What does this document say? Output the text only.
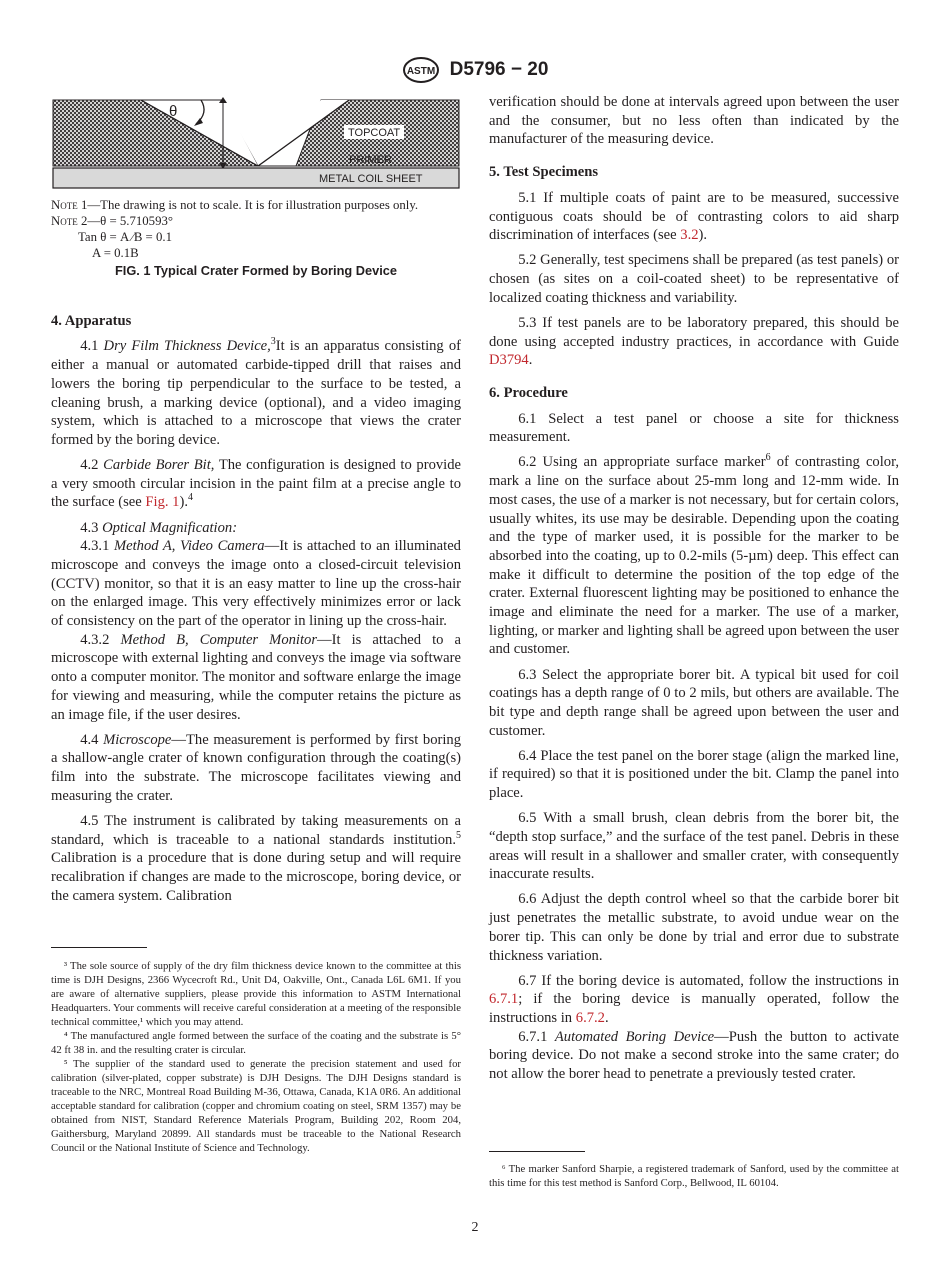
ASTM D5796 − 20
θ
TOPCOAT
PRIMER
METAL COIL SHEET

Note 1—The drawing is not to scale. It is for illustration purposes only.

Note 2—θ = 5.710593°

Tan θ = A ⁄B = 0.1

A = 0.1B

FIG. 1 Typical Crater Formed by Boring Device

4. Apparatus

4.1 Dry Film Thickness Device,$^3$It is an apparatus consisting of either a manual or automated carbide-tipped drill that raises and lowers the boring tip perpendicular to the surface to be tested, a cleaning brush, a marking device (optional), and a video imaging system, which is attached to a microscope that views the crater formed by the boring device.

4.2 Carbide Borer Bit, The configuration is designed to provide a very smooth circular incision in the paint film at a precise angle to the surface (see Fig. 1).$^4$

4.3 Optical Magnification:

4.3.1 Method A, Video Camera—It is attached to an illuminated microscope and conveys the image onto a closed-circuit television (CCTV) monitor, so that it is an easy matter to line up the cross-hair on the enlarged image. This very effectively minimizes error or lack of consistency on the part of the operator in lining up the cross-hair.

4.3.2 Method B, Computer Monitor—It is attached to a microscope with external lighting and conveys the image via software onto a computer monitor. The monitor and software enlarge the image for viewing and measuring, while the computer retains the picture as an image file, if the user desires.

4.4 Microscope—The measurement is performed by first boring a shallow-angle crater of known configuration through the coating(s) film into the substrate. The microscope facilitates viewing and measuring the crater.

4.5 The instrument is calibrated by taking measurements on a standard, which is traceable to a national standards institution.$^5$ Calibration is a procedure that is done during setup and will require recalibration if changes are made to the microscope, boring device, or the camera system. Calibration

³ The sole source of supply of the dry film thickness device known to the committee at this time is DJH Designs, 2366 Wycecroft Rd., Unit D4, Oakville, Ont., Canada L6L 6M1. If you are aware of alternative suppliers, please provide this information to ASTM International Headquarters. Your comments will receive careful consideration at a meeting of the responsible technical committee,¹ which you may attend.

⁴ The manufactured angle formed between the surface of the coating and the substrate is 5° 42 ft 38 in. and the resulting crater is circular.

⁵ The supplier of the standard used to generate the precision statement and used for calibration (silver-plated, copper substrate) is DJH Designs. The DJH Designs standard is traceable to the NRC, Montreal Road Building M-36, Ottawa, Canada, K1A 0R6. An additional acceptable standard for calibration (copper and chromium coating on steel, SRM 1357) may be obtained from NIST, Standard Reference Materials Program, Building 202, Room 204, Gaithersburg, Maryland 20899. All standards must be traceable to the National Research Council or the National Institute of Science and Technology.

verification should be done at intervals agreed upon between the user and the consumer, but no less often than indicated by the manufacturer of the measuring device.

5. Test Specimens

5.1 If multiple coats of paint are to be measured, successive contiguous coats should be of contrasting colors to aid sharp discrimination of interfaces (see 3.2).

5.2 Generally, test specimens shall be prepared (as test panels) or chosen (as sites on a coil-coated sheet) to be representative of localized coating thickness and variability.

5.3 If test panels are to be laboratory prepared, this should be done using accepted industry practices, in accordance with Guide D3794.

6. Procedure

6.1 Select a test panel or choose a site for thickness measurement.

6.2 Using an appropriate surface marker$^6$ of contrasting color, mark a line on the surface about 25-mm long and 12-mm wide. In most cases, the use of a marker is not necessary, but for certain colors, usually whites, its use may be desirable. Depending upon the coating and the type of marker used, it is possible for the marker to be absorbed into the coating, up to 0.2-mils (5-µm) deep. This effect can make it difficult to determine the position of the top edge of the crater. External fluorescent lighting may be positioned to enhance the image and eliminate the need for a marker. The use of a marker, lighting, or marker and lighting shall be agreed upon between the user and customer.

6.3 Select the appropriate borer bit. A typical bit used for coil coatings has a depth range of 0 to 2 mils, but others are available. The bit type and depth range shall be agreed upon between the user and customer.

6.4 Place the test panel on the borer stage (align the marked line, if required) so that it is positioned under the bit. Clamp the panel into place.

6.5 With a small brush, clean debris from the borer bit, the “depth stop surface,” and the surface of the test panel. Debris in these areas will result in a shallower and smaller crater, with consequently inaccurate results.

6.6 Adjust the depth control wheel so that the carbide borer bit just penetrates the metallic substrate, to avoid undue wear on the borer tip. This can only be done by trial and error due to substrate thickness variation.

6.7 If the boring device is automated, follow the instructions in 6.7.1; if the boring device is manually operated, follow the instructions in 6.7.2.

6.7.1 Automated Boring Device—Push the button to activate boring device. Do not make a second stroke into the same crater; do not allow the borer head to penetrate a previously tested crater.

⁶ The marker Sanford Sharpie, a registered trademark of Sanford, used by the committee at this time for this test method is Sanford Corp., Bellwood, IL 60104.

2
